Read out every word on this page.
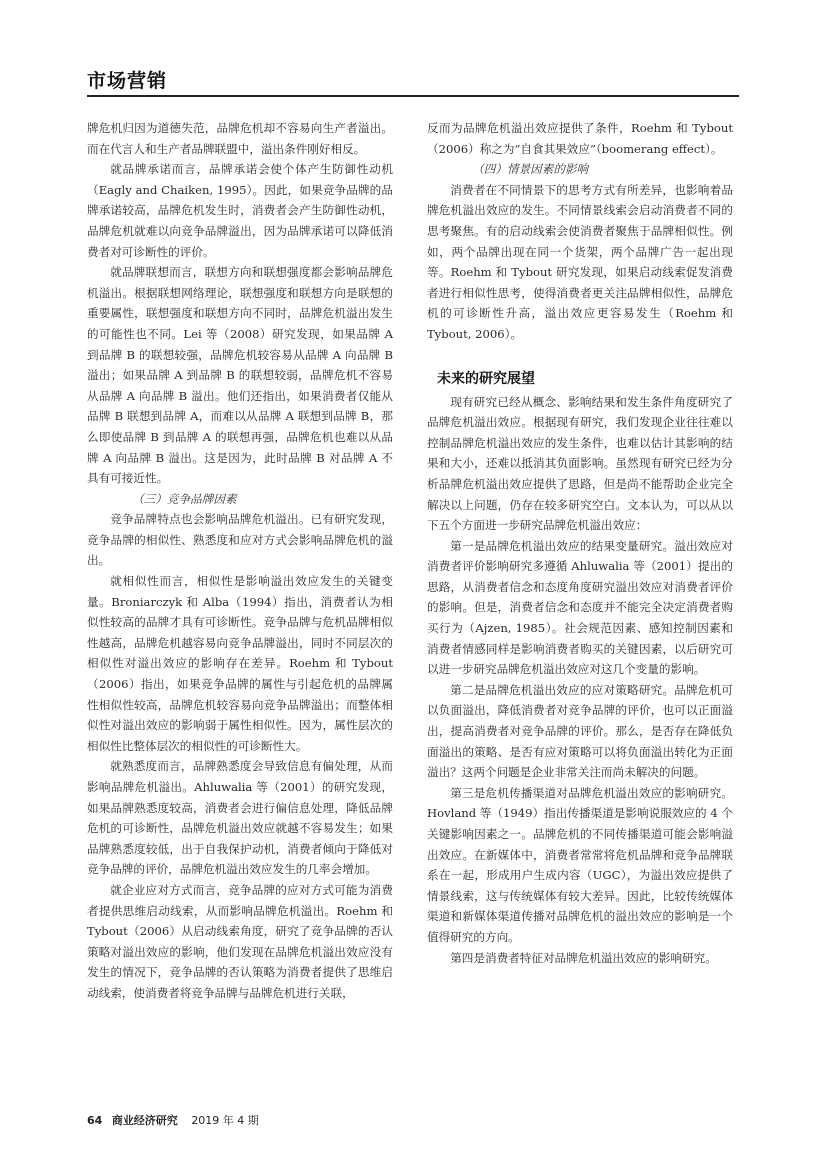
市场营销

牌危机归因为道德失范，品牌危机却不容易向生产者溢出。而在代言人和生产者品牌联盟中，溢出条件刚好相反。

就品牌承诺而言，品牌承诺会使个体产生防御性动机（Eagly and Chaiken, 1995）。因此，如果竞争品牌的品牌承诺较高，品牌危机发生时，消费者会产生防御性动机，品牌危机就难以向竞争品牌溢出，因为品牌承诺可以降低消费者对可诊断性的评价。

就品牌联想而言，联想方向和联想强度都会影响品牌危机溢出。根据联想网络理论，联想强度和联想方向是联想的重要属性，联想强度和联想方向不同时，品牌危机溢出发生的可能性也不同。Lei 等（2008）研究发现，如果品牌 A 到品牌 B 的联想较强，品牌危机较容易从品牌 A 向品牌 B 溢出；如果品牌 A 到品牌 B 的联想较弱，品牌危机不容易从品牌 A 向品牌 B 溢出。他们还指出，如果消费者仅能从品牌 B 联想到品牌 A，而难以从品牌 A 联想到品牌 B，那么即使品牌 B 到品牌 A 的联想再强，品牌危机也难以从品牌 A 向品牌 B 溢出。这是因为，此时品牌 B 对品牌 A 不具有可接近性。

（三）竞争品牌因素

竞争品牌特点也会影响品牌危机溢出。已有研究发现，竞争品牌的相似性、熟悉度和应对方式会影响品牌危机的溢出。

就相似性而言，相似性是影响溢出效应发生的关键变量。Broniarczyk 和 Alba（1994）指出，消费者认为相似性较高的品牌才具有可诊断性。竞争品牌与危机品牌相似性越高，品牌危机越容易向竞争品牌溢出，同时不同层次的相似性对溢出效应的影响存在差异。Roehm 和 Tybout（2006）指出，如果竞争品牌的属性与引起危机的品牌属性相似性较高，品牌危机较容易向竞争品牌溢出；而整体相似性对溢出效应的影响弱于属性相似性。因为，属性层次的相似性比整体层次的相似性的可诊断性大。

就熟悉度而言，品牌熟悉度会导致信息有偏处理，从而影响品牌危机溢出。Ahluwalia 等（2001）的研究发现，如果品牌熟悉度较高，消费者会进行偏信息处理，降低品牌危机的可诊断性，品牌危机溢出效应就越不容易发生；如果品牌熟悉度较低，出于自我保护动机，消费者倾向于降低对竞争品牌的评价，品牌危机溢出效应发生的几率会增加。

就企业应对方式而言，竞争品牌的应对方式可能为消费者提供思维启动线索，从而影响品牌危机溢出。Roehm 和 Tybout（2006）从启动线索角度，研究了竞争品牌的否认策略对溢出效应的影响，他们发现在品牌危机溢出效应没有发生的情况下，竞争品牌的否认策略为消费者提供了思维启动线索，使消费者将竞争品牌与品牌危机进行关联，

反而为品牌危机溢出效应提供了条件，Roehm 和 Tybout（2006）称之为“自食其果效应”（boomerang effect）。

（四）情景因素的影响

消费者在不同情景下的思考方式有所差异，也影响着品牌危机溢出效应的发生。不同情景线索会启动消费者不同的思考聚焦。有的启动线索会使消费者聚焦于品牌相似性。例如，两个品牌出现在同一个货架，两个品牌广告一起出现等。Roehm 和 Tybout 研究发现，如果启动线索促发消费者进行相似性思考，使得消费者更关注品牌相似性，品牌危机的可诊断性升高，溢出效应更容易发生（Roehm 和 Tybout, 2006）。

未来的研究展望

现有研究已经从概念、影响结果和发生条件角度研究了品牌危机溢出效应。根据现有研究，我们发现企业往往难以控制品牌危机溢出效应的发生条件，也难以估计其影响的结果和大小，还难以抵消其负面影响。虽然现有研究已经为分析品牌危机溢出效应提供了思路，但是尚不能帮助企业完全解决以上问题，仍存在较多研究空白。文本认为，可以从以下五个方面进一步研究品牌危机溢出效应：

第一是品牌危机溢出效应的结果变量研究。溢出效应对消费者评价影响研究多遵循 Ahluwalia 等（2001）提出的思路，从消费者信念和态度角度研究溢出效应对消费者评价的影响。但是，消费者信念和态度并不能完全决定消费者购买行为（Ajzen, 1985）。社会规范因素、感知控制因素和消费者情感同样是影响消费者购买的关键因素，以后研究可以进一步研究品牌危机溢出效应对这几个变量的影响。

第二是品牌危机溢出效应的应对策略研究。品牌危机可以负面溢出，降低消费者对竞争品牌的评价，也可以正面溢出，提高消费者对竞争品牌的评价。那么，是否存在降低负面溢出的策略、是否有应对策略可以将负面溢出转化为正面溢出？这两个问题是企业非常关注而尚未解决的问题。

第三是危机传播渠道对品牌危机溢出效应的影响研究。Hovland 等（1949）指出传播渠道是影响说服效应的 4 个关键影响因素之一。品牌危机的不同传播渠道可能会影响溢出效应。在新媒体中，消费者常常将危机品牌和竞争品牌联系在一起，形成用户生成内容（UGC），为溢出效应提供了情景线索，这与传统媒体有较大差异。因此，比较传统媒体渠道和新媒体渠道传播对品牌危机的溢出效应的影响是一个值得研究的方向。

第四是消费者特征对品牌危机溢出效应的影响研究。

64 商业经济研究 2019 年 4 期
